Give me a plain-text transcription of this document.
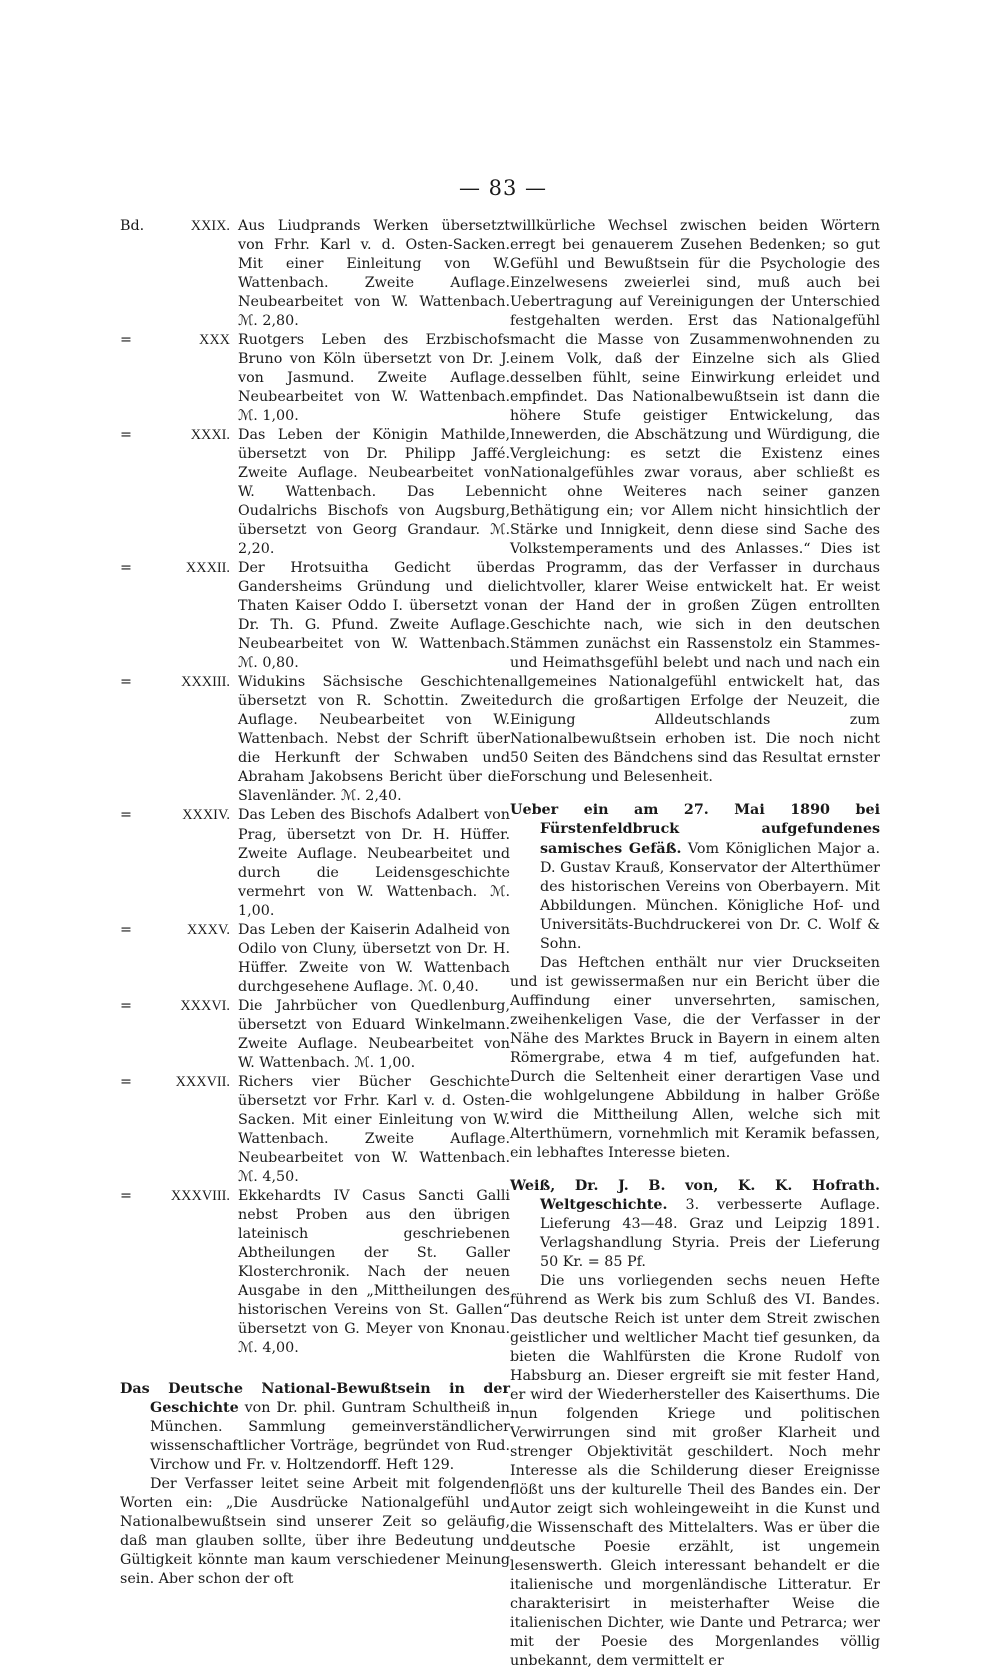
— 83 —
Bd.	XXIX. Aus Liudprands Werken übersetzt von Frhr. Karl v. d. Osten-Sacken. Mit einer Einleitung von W. Wattenbach. Zweite Auflage. Neubearbeitet von W. Wattenbach. ℳ. 2,80.
=	XXX Ruotgers Leben des Erzbischofs Bruno von Köln übersetzt von Dr. J. von Jasmund. Zweite Auflage. Neubearbeitet von W. Wattenbach. ℳ. 1,00.
=	XXXI. Das Leben der Königin Mathilde, übersetzt von Dr. Philipp Jaffé. Zweite Auflage. Neubearbeitet von W. Wattenbach. Das Leben Oudalrichs Bischofs von Augsburg, übersetzt von Georg Grandaur. ℳ. 2,20.
=	XXXII. Der Hrotsuitha Gedicht über Gandersheims Gründung und die Thaten Kaiser Oddo I. übersetzt von Dr. Th. G. Pfund. Zweite Auflage. Neubearbeitet von W. Wattenbach. ℳ. 0,80.
=	XXXIII. Widukins Sächsische Geschichten übersetzt von R. Schottin. Zweite Auflage. Neubearbeitet von W. Wattenbach. Nebst der Schrift über die Herkunft der Schwaben und Abraham Jakobsens Bericht über die Slavenländer. ℳ. 2,40.
=	XXXIV. Das Leben des Bischofs Adalbert von Prag, übersetzt von Dr. H. Hüffer. Zweite Auflage. Neubearbeitet und durch die Leidensgeschichte vermehrt von W. Wattenbach. ℳ. 1,00.
=	XXXV. Das Leben der Kaiserin Adalheid von Odilo von Cluny, übersetzt von Dr. H. Hüffer. Zweite von W. Wattenbach durchgesehene Auflage. ℳ. 0,40.
=	XXXVI. Die Jahrbücher von Quedlenburg, übersetzt von Eduard Winkelmann. Zweite Auflage. Neubearbeitet von W. Wattenbach. ℳ. 1,00.
=	XXXVII. Richers vier Bücher Geschichte übersetzt vor Frhr. Karl v. d. Osten-Sacken. Mit einer Einleitung von W. Wattenbach. Zweite Auflage. Neubearbeitet von W. Wattenbach. ℳ. 4,50.
=	XXXVIII. Ekkehardts IV Casus Sancti Galli nebst Proben aus den übrigen lateinisch geschriebenen Abtheilungen der St. Galler Klosterchronik. Nach der neuen Ausgabe in den „Mittheilungen des historischen Vereins von St. Gallen“ übersetzt von G. Meyer von Knonau. ℳ. 4,00.

Das Deutsche National-Bewußtsein in der Geschichte von Dr. phil. Guntram Schultheiß in München. Sammlung gemeinverständlicher wissenschaftlicher Vorträge, begründet von Rud. Virchow und Fr. v. Holtzendorff. Heft 129.

Der Verfasser leitet seine Arbeit mit folgenden Worten ein: „Die Ausdrücke Nationalgefühl und Nationalbewußtsein sind unserer Zeit so geläufig, daß man glauben sollte, über ihre Bedeutung und Gültigkeit könnte man kaum verschiedener Meinung sein. Aber schon der oft

willkürliche Wechsel zwischen beiden Wörtern erregt bei genauerem Zusehen Bedenken; so gut Gefühl und Bewußtsein für die Psychologie des Einzelwesens zweierlei sind, muß auch bei Uebertragung auf Vereinigungen der Unterschied festgehalten werden. Erst das Nationalgefühl macht die Masse von Zusammenwohnenden zu einem Volk, daß der Einzelne sich als Glied desselben fühlt, seine Einwirkung erleidet und empfindet. Das Nationalbewußtsein ist dann die höhere Stufe geistiger Entwickelung, das Innewerden, die Abschätzung und Würdigung, die Vergleichung: es setzt die Existenz eines Nationalgefühles zwar voraus, aber schließt es nicht ohne Weiteres nach seiner ganzen Bethätigung ein; vor Allem nicht hinsichtlich der Stärke und Innigkeit, denn diese sind Sache des Volkstemperaments und des Anlasses.“ Dies ist das Programm, das der Verfasser in durchaus lichtvoller, klarer Weise entwickelt hat. Er weist an der Hand der in großen Zügen entrollten Geschichte nach, wie sich in den deutschen Stämmen zunächst ein Rassenstolz ein Stammes- und Heimathsgefühl belebt und nach und nach ein allgemeines Nationalgefühl entwickelt hat, das durch die großartigen Erfolge der Neuzeit, die Einigung Alldeutschlands zum Nationalbewußtsein erhoben ist. Die noch nicht 50 Seiten des Bändchens sind das Resultat ernster Forschung und Belesenheit.

Ueber ein am 27. Mai 1890 bei Fürstenfeldbruck aufgefundenes samisches Gefäß. Vom Königlichen Major a. D. Gustav Krauß, Konservator der Alterthümer des historischen Vereins von Oberbayern. Mit Abbildungen. München. Königliche Hof- und Universitäts-Buchdruckerei von Dr. C. Wolf & Sohn.

Das Heftchen enthält nur vier Druckseiten und ist gewissermaßen nur ein Bericht über die Auffindung einer unversehrten, samischen, zweihenkeligen Vase, die der Verfasser in der Nähe des Marktes Bruck in Bayern in einem alten Römergrabe, etwa 4 m tief, aufgefunden hat. Durch die Seltenheit einer derartigen Vase und die wohlgelungene Abbildung in halber Größe wird die Mittheilung Allen, welche sich mit Alterthümern, vornehmlich mit Keramik befassen, ein lebhaftes Interesse bieten.

Weiß, Dr. J. B. von, K. K. Hofrath. Weltgeschichte. 3. verbesserte Auflage. Lieferung 43—48. Graz und Leipzig 1891. Verlagshandlung Styria. Preis der Lieferung 50 Kr. = 85 Pf.

Die uns vorliegenden sechs neuen Hefte führend as Werk bis zum Schluß des VI. Bandes. Das deutsche Reich ist unter dem Streit zwischen geistlicher und weltlicher Macht tief gesunken, da bieten die Wahlfürsten die Krone Rudolf von Habsburg an. Dieser ergreift sie mit fester Hand, er wird der Wiederhersteller des Kaiserthums. Die nun folgenden Kriege und politischen Verwirrungen sind mit großer Klarheit und strenger Objektivität geschildert. Noch mehr Interesse als die Schilderung dieser Ereignisse flößt uns der kulturelle Theil des Bandes ein. Der Autor zeigt sich wohleingeweiht in die Kunst und die Wissenschaft des Mittelalters. Was er über die deutsche Poesie erzählt, ist ungemein lesenswerth. Gleich interessant behandelt er die italienische und morgenländische Litteratur. Er charakterisirt in meisterhafter Weise die italienischen Dichter, wie Dante und Petrarca; wer mit der Poesie des Morgenlandes völlig unbekannt, dem vermittelt er
